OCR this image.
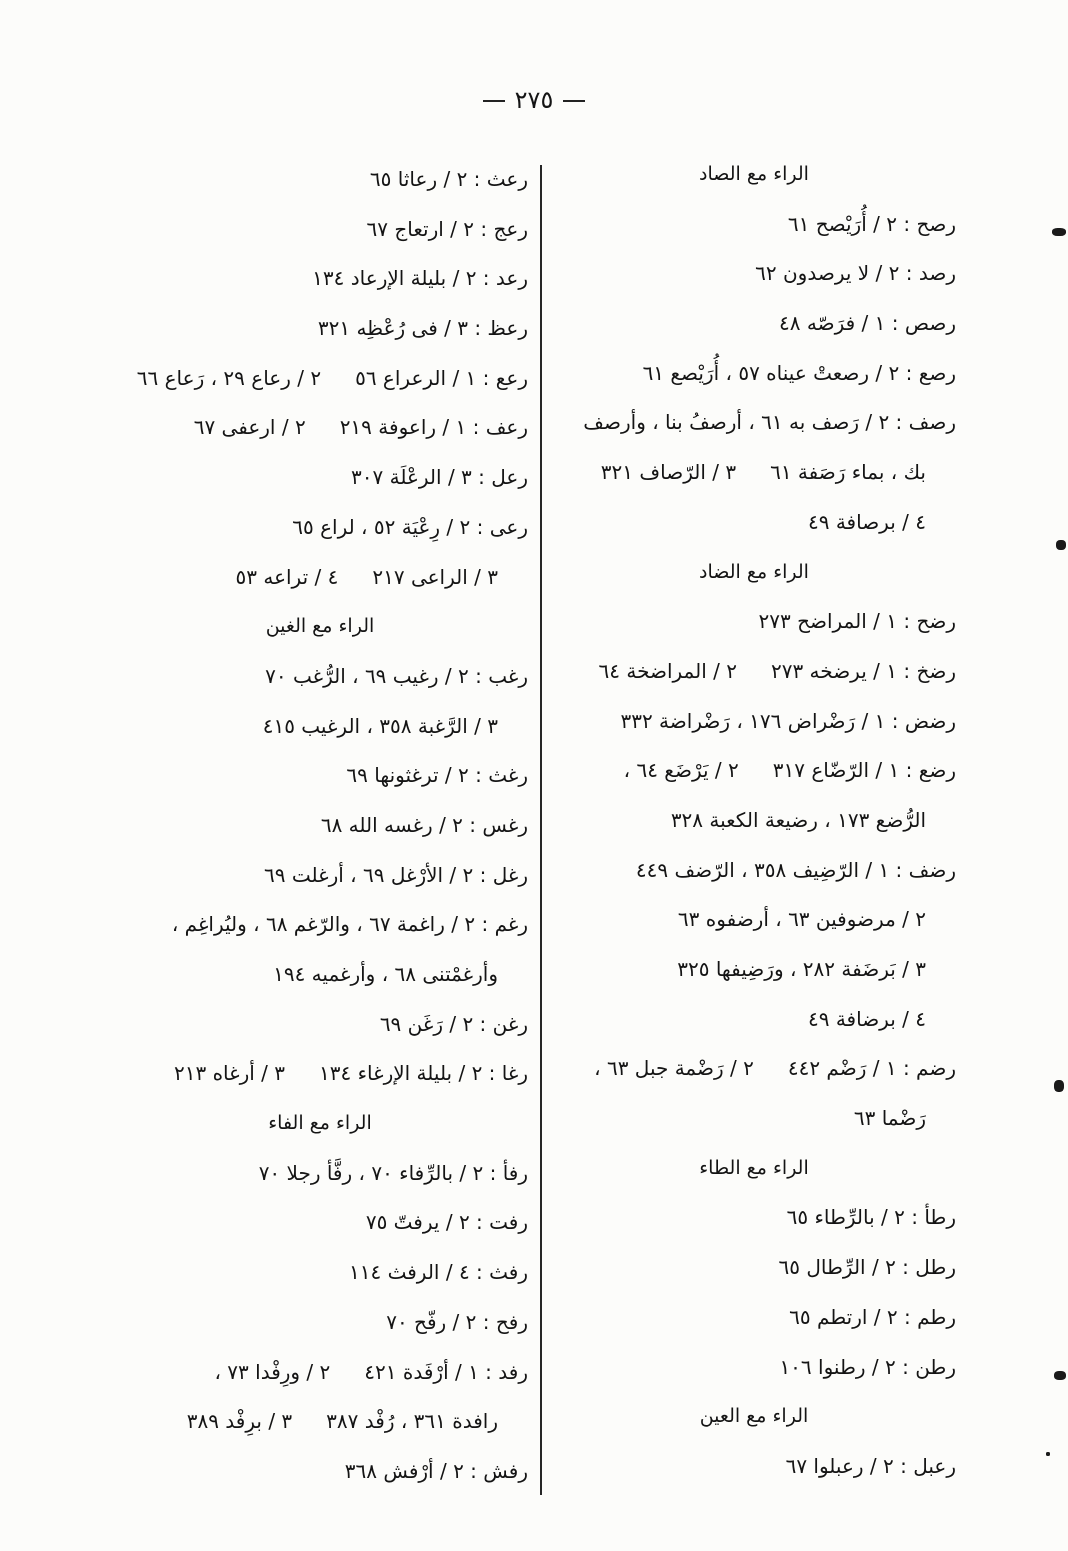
٢٧٥
الراء مع الصاد
رصح : ٢ / أُرَيْصح ٦١
رصد : ٢ / لا يرصدون ٦٢
رصص : ١ / فرَصّه ٤٨
رصع : ٢ / رصعتْ عيناه ٥٧ ، أُرَيْصع ٦١
رصف : ٢ / رَصف به ٦١ ، أرصفُ بنا ، وأرصف
بك ، بماء رَصَفة ٦١
٣ / الرّصاف ٣٢١
٤ / برصافة ٤٩
الراء مع الضاد
رضح : ١ / المراضح ٢٧٣
رضخ : ١ / يرضخه ٢٧٣
٢ / المراضخة ٦٤
رضض : ١ / رَضْراض ١٧٦ ، رَضْراضة ٣٣٢
رضع : ١ / الرّضّاع ٣١٧
٢ / يَرْضَع ٦٤ ،
الرُّضع ١٧٣ ، رضيعة الكعبة ٣٢٨
رضف : ١ / الرّضِيف ٣٥٨ ، الرّضف ٤٤٩
٢ / مرضوفين ٦٣ ، أرضفوه ٦٣
٣ / بَرضَفة ٢٨٢ ، ورَضِيفها ٣٢٥
٤ / برضافة ٤٩
رضم : ١ / رَضْم ٤٤٢
٢ / رَضْمة جبل ٦٣ ،
رَضْما ٦٣
الراء مع الطاء
رطأ : ٢ / بالرِّطاء ٦٥
رطل : ٢ / الرِّطال ٦٥
رطم : ٢ / ارتطم ٦٥
رطن : ٢ / رطنوا ١٠٦
الراء مع العين
رعبل : ٢ / رعبلوا ٦٧
رعث : ٢ / رعاثا ٦٥
رعج : ٢ / ارتعاج ٦٧
رعد : ٢ / بليلة الإرعاد ١٣٤
رعظ : ٣ / فى رُعْظِه ٣٢١
رعع : ١ / الرعراع ٥٦
٢ / رعاع ٢٩ ، رَعاع ٦٦
رعف : ١ / راعوفة ٢١٩
٢ / ارعفى ٦٧
رعل : ٣ / الرعْلَة ٣٠٧
رعى : ٢ / رِعْيَة ٥٢ ، لراع ٦٥
٣ / الراعى ٢١٧
٤ / تراعه ٥٣
الراء مع الغين
رغب : ٢ / رغيب ٦٩ ، الرُّغب ٧٠
٣ / الرَّغبة ٣٥٨ ، الرغيب ٤١٥
رغث : ٢ / ترغثونها ٦٩
رغس : ٢ / رغسه الله ٦٨
رغل : ٢ / الأرْغل ٦٩ ، أرغلت ٦٩
رغم : ٢ / راغمة ٦٧ ، والرّغم ٦٨ ، وليُراغِم ،
وأرغمْتنى ٦٨ ، وأرغميه ١٩٤
رغن : ٢ / رَغَن ٦٩
رغا : ٢ / بليلة الإرغاء ١٣٤
٣ / أرغاه ٢١٣
الراء مع الفاء
رفأ : ٢ / بالرِّفاء ٧٠ ، رفَّأ رجلا ٧٠
رفت : ٢ / يرفتّ ٧٥
رفث : ٤ / الرفث ١١٤
رفح : ٢ / رفّح ٧٠
رفد : ١ / أرْفَدة ٤٢١
٢ / ورِفْدا ٧٣ ،
رافدة ٣٦١ ، رُفْد ٣٨٧
٣ / برِفْد ٣٨٩
رفش : ٢ / أرْفش ٣٦٨
